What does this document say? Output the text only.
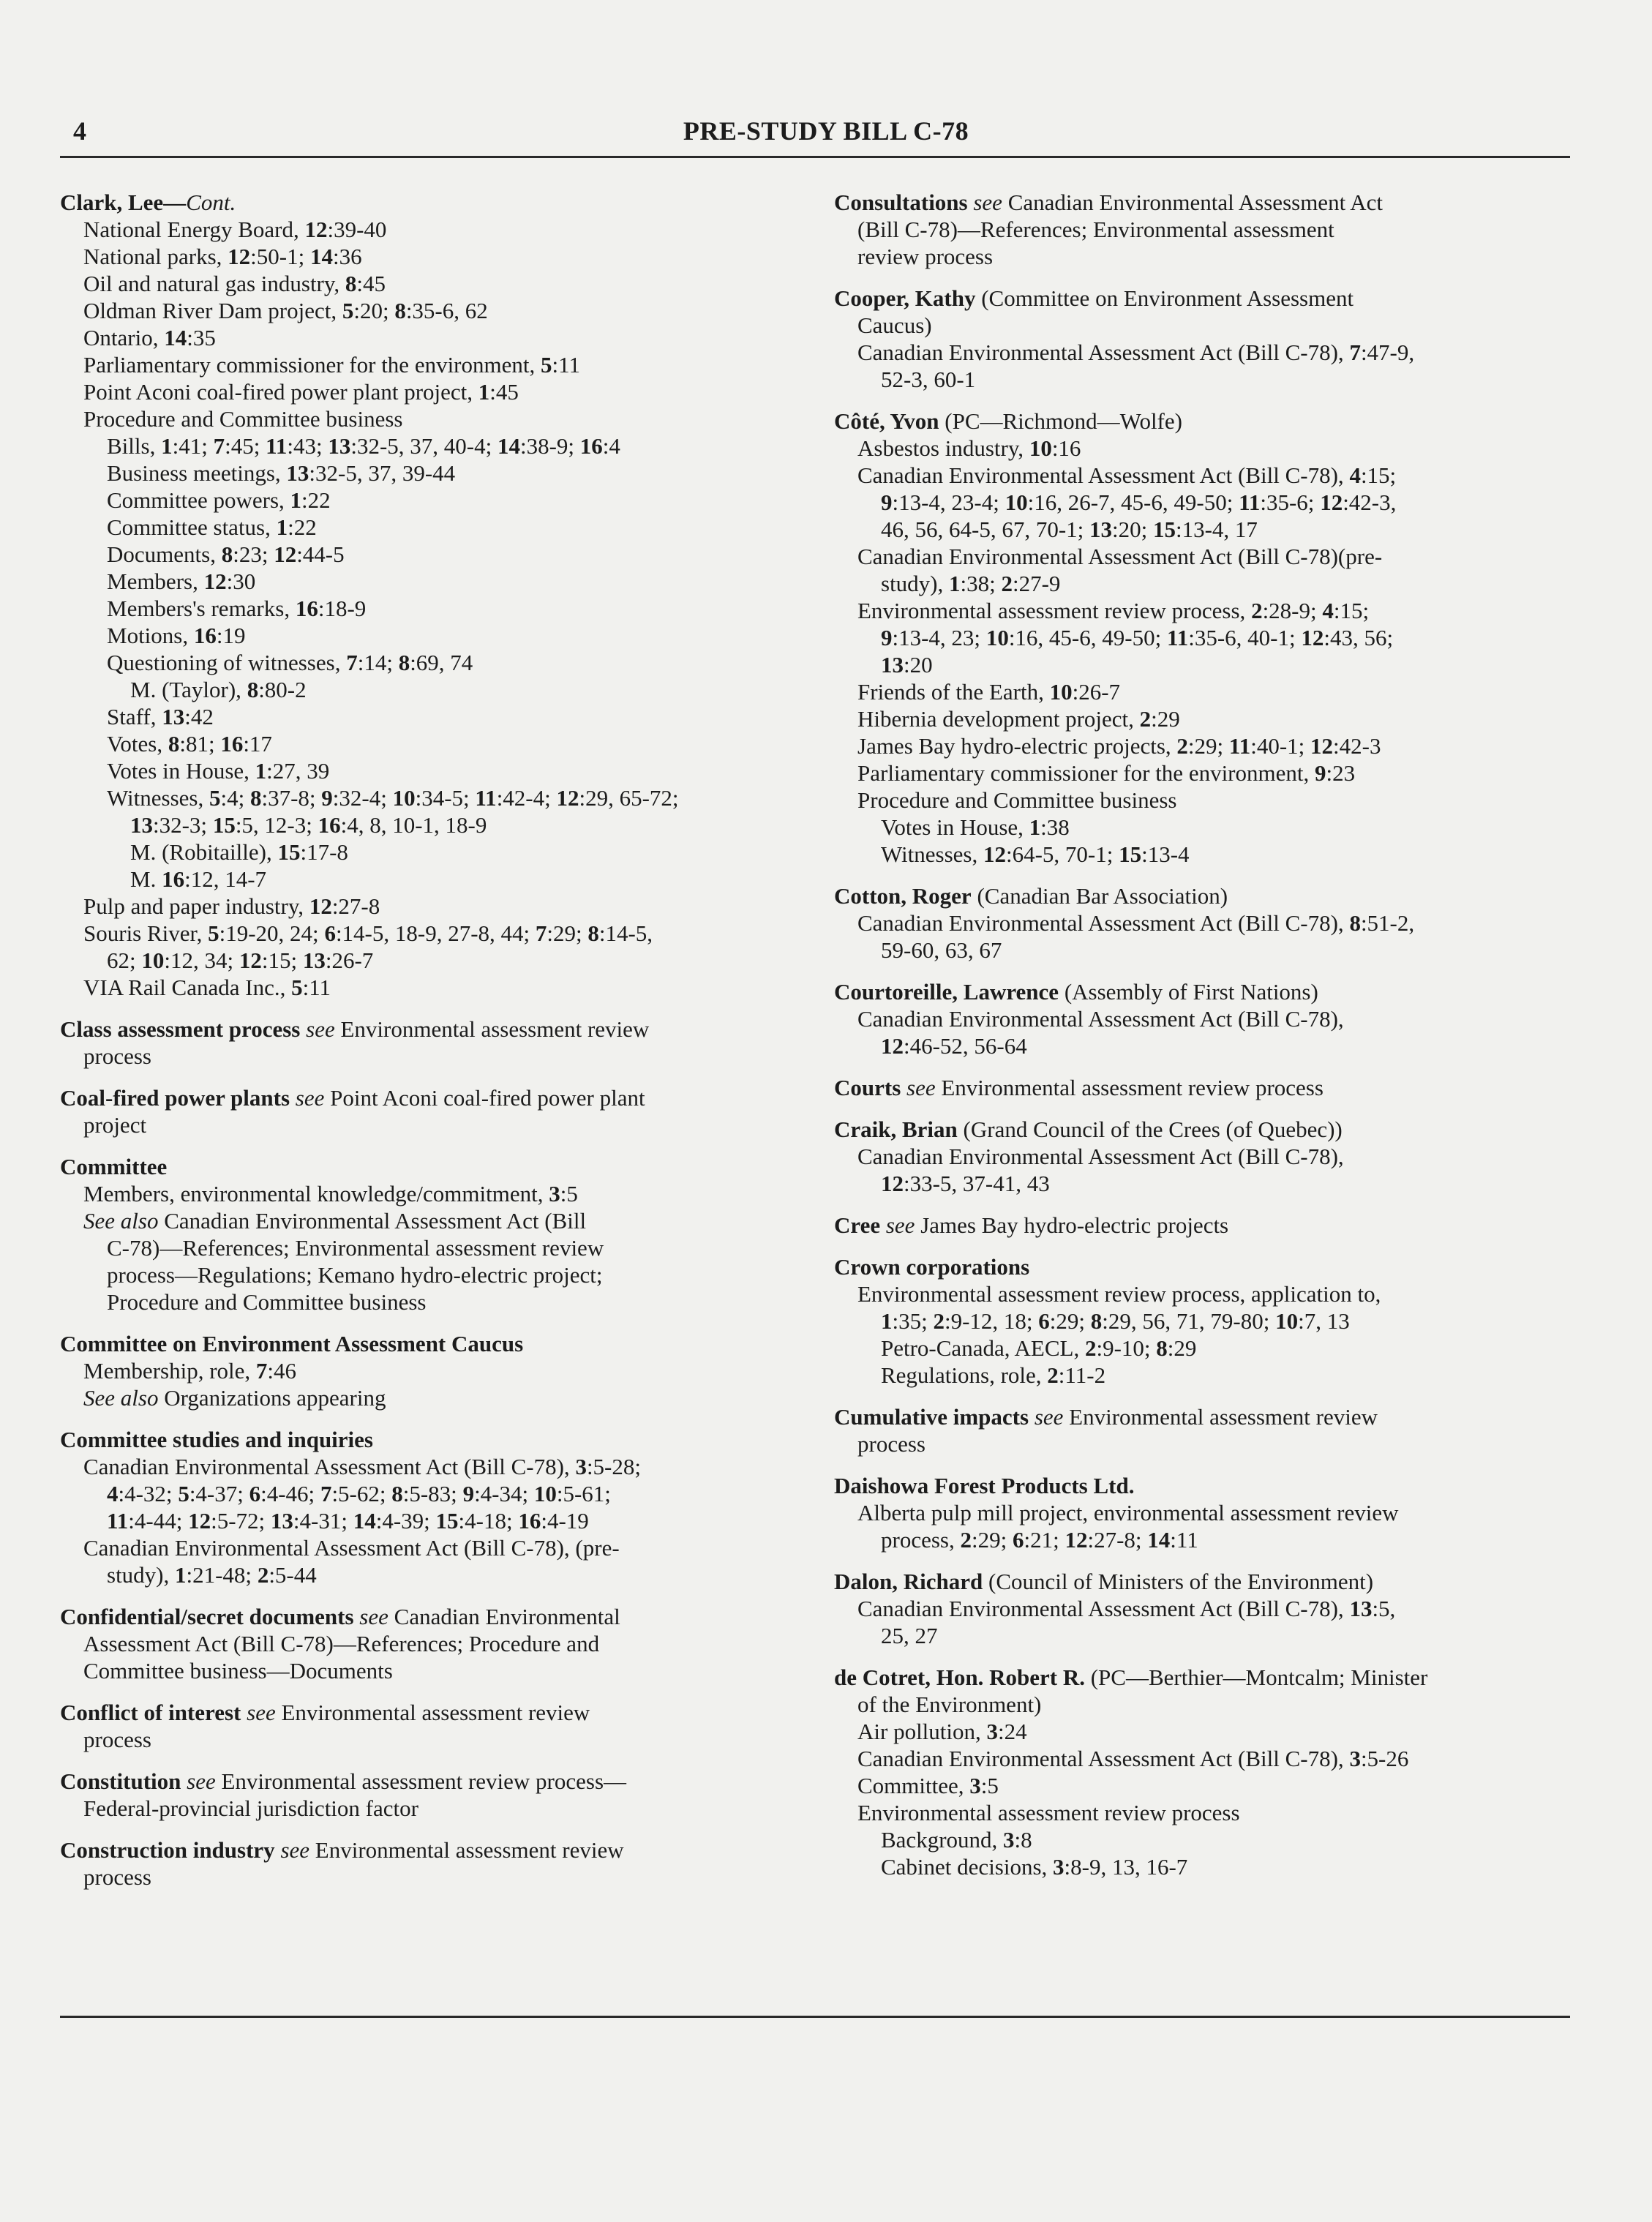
4	PRE-STUDY BILL C-78
Clark, Lee—Cont.
National Energy Board, 12:39-40
National parks, 12:50-1; 14:36
Oil and natural gas industry, 8:45
Oldman River Dam project, 5:20; 8:35-6, 62
Ontario, 14:35
Parliamentary commissioner for the environment, 5:11
Point Aconi coal-fired power plant project, 1:45
Procedure and Committee business
Bills, 1:41; 7:45; 11:43; 13:32-5, 37, 40-4; 14:38-9; 16:4
Business meetings, 13:32-5, 37, 39-44
Committee powers, 1:22
Committee status, 1:22
Documents, 8:23; 12:44-5
Members, 12:30
Members's remarks, 16:18-9
Motions, 16:19
Questioning of witnesses, 7:14; 8:69, 74
M. (Taylor), 8:80-2
Staff, 13:42
Votes, 8:81; 16:17
Votes in House, 1:27, 39
Witnesses, 5:4; 8:37-8; 9:32-4; 10:34-5; 11:42-4; 12:29, 65-72;
13:32-3; 15:5, 12-3; 16:4, 8, 10-1, 18-9
M. (Robitaille), 15:17-8
M. 16:12, 14-7
Pulp and paper industry, 12:27-8
Souris River, 5:19-20, 24; 6:14-5, 18-9, 27-8, 44; 7:29; 8:14-5,
62; 10:12, 34; 12:15; 13:26-7
VIA Rail Canada Inc., 5:11
Class assessment process see Environmental assessment review
process
Coal-fired power plants see Point Aconi coal-fired power plant
project
Committee
Members, environmental knowledge/commitment, 3:5
See also Canadian Environmental Assessment Act (Bill
C-78)—References; Environmental assessment review
process—Regulations; Kemano hydro-electric project;
Procedure and Committee business
Committee on Environment Assessment Caucus
Membership, role, 7:46
See also Organizations appearing
Committee studies and inquiries
Canadian Environmental Assessment Act (Bill C-78), 3:5-28;
4:4-32; 5:4-37; 6:4-46; 7:5-62; 8:5-83; 9:4-34; 10:5-61;
11:4-44; 12:5-72; 13:4-31; 14:4-39; 15:4-18; 16:4-19
Canadian Environmental Assessment Act (Bill C-78), (pre-
study), 1:21-48; 2:5-44
Confidential/secret documents see Canadian Environmental
Assessment Act (Bill C-78)—References; Procedure and
Committee business—Documents
Conflict of interest see Environmental assessment review
process
Constitution see Environmental assessment review process—
Federal-provincial jurisdiction factor
Construction industry see Environmental assessment review
process
Consultations see Canadian Environmental Assessment Act
(Bill C-78)—References; Environmental assessment
review process
Cooper, Kathy (Committee on Environment Assessment
Caucus)
Canadian Environmental Assessment Act (Bill C-78), 7:47-9,
52-3, 60-1
Côté, Yvon (PC—Richmond—Wolfe)
Asbestos industry, 10:16
Canadian Environmental Assessment Act (Bill C-78), 4:15;
9:13-4, 23-4; 10:16, 26-7, 45-6, 49-50; 11:35-6; 12:42-3,
46, 56, 64-5, 67, 70-1; 13:20; 15:13-4, 17
Canadian Environmental Assessment Act (Bill C-78)(pre-
study), 1:38; 2:27-9
Environmental assessment review process, 2:28-9; 4:15;
9:13-4, 23; 10:16, 45-6, 49-50; 11:35-6, 40-1; 12:43, 56;
13:20
Friends of the Earth, 10:26-7
Hibernia development project, 2:29
James Bay hydro-electric projects, 2:29; 11:40-1; 12:42-3
Parliamentary commissioner for the environment, 9:23
Procedure and Committee business
Votes in House, 1:38
Witnesses, 12:64-5, 70-1; 15:13-4
Cotton, Roger (Canadian Bar Association)
Canadian Environmental Assessment Act (Bill C-78), 8:51-2,
59-60, 63, 67
Courtoreille, Lawrence (Assembly of First Nations)
Canadian Environmental Assessment Act (Bill C-78),
12:46-52, 56-64
Courts see Environmental assessment review process
Craik, Brian (Grand Council of the Crees (of Quebec))
Canadian Environmental Assessment Act (Bill C-78),
12:33-5, 37-41, 43
Cree see James Bay hydro-electric projects
Crown corporations
Environmental assessment review process, application to,
1:35; 2:9-12, 18; 6:29; 8:29, 56, 71, 79-80; 10:7, 13
Petro-Canada, AECL, 2:9-10; 8:29
Regulations, role, 2:11-2
Cumulative impacts see Environmental assessment review
process
Daishowa Forest Products Ltd.
Alberta pulp mill project, environmental assessment review
process, 2:29; 6:21; 12:27-8; 14:11
Dalon, Richard (Council of Ministers of the Environment)
Canadian Environmental Assessment Act (Bill C-78), 13:5,
25, 27
de Cotret, Hon. Robert R. (PC—Berthier—Montcalm; Minister
of the Environment)
Air pollution, 3:24
Canadian Environmental Assessment Act (Bill C-78), 3:5-26
Committee, 3:5
Environmental assessment review process
Background, 3:8
Cabinet decisions, 3:8-9, 13, 16-7
